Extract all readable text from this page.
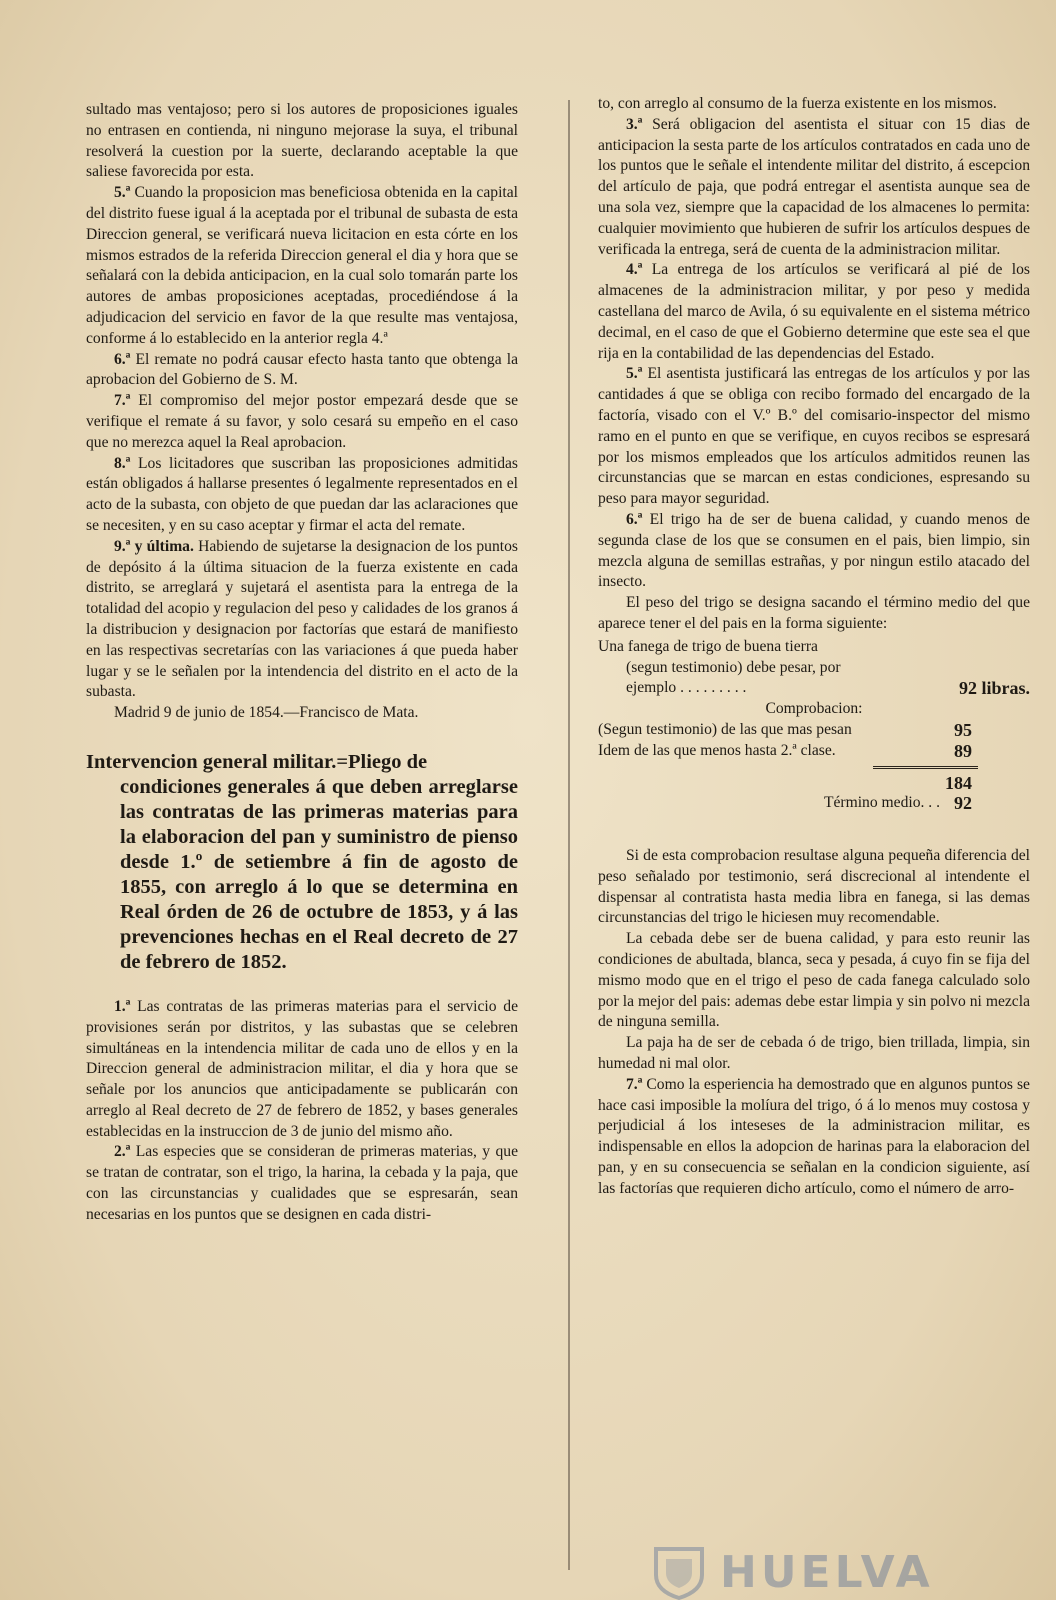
sultado mas ventajoso; pero si los autores de proposiciones iguales no entrasen en contienda, ni ninguno mejorase la suya, el tribunal resolverá la cuestion por la suerte, declarando aceptable la que saliese favorecida por esta.

5.ª Cuando la proposicion mas beneficiosa obtenida en la capital del distrito fuese igual á la aceptada por el tribunal de subasta de esta Direccion general, se verificará nueva licitacion en esta córte en los mismos estrados de la referida Direccion general el dia y hora que se señalará con la debida anticipacion, en la cual solo tomarán parte los autores de ambas proposiciones aceptadas, procediéndose á la adjudicacion del servicio en favor de la que resulte mas ventajosa, conforme á lo establecido en la anterior regla 4.ª

6.ª El remate no podrá causar efecto hasta tanto que obtenga la aprobacion del Gobierno de S. M.

7.ª El compromiso del mejor postor empezará desde que se verifique el remate á su favor, y solo cesará su empeño en el caso que no merezca aquel la Real aprobacion.

8.ª Los licitadores que suscriban las proposiciones admitidas están obligados á hallarse presentes ó legalmente representados en el acto de la subasta, con objeto de que puedan dar las aclaraciones que se necesiten, y en su caso aceptar y firmar el acta del remate.

9.ª y última. Habiendo de sujetarse la designacion de los puntos de depósito á la última situacion de la fuerza existente en cada distrito, se arreglará y sujetará el asentista para la entrega de la totalidad del acopio y regulacion del peso y calidades de los granos á la distribucion y designacion por factorías que estará de manifiesto en las respectivas secretarías con las variaciones á que pueda haber lugar y se le señalen por la intendencia del distrito en el acto de la subasta.

Madrid 9 de junio de 1854.—Francisco de Mata.

Intervencion general militar.=Pliego de
condiciones generales á que deben arreglarse las contratas de las primeras materias para la elaboracion del pan y suministro de pienso desde 1.º de setiembre á fin de agosto de 1855, con arreglo á lo que se determina en Real órden de 26 de octubre de 1853, y á las prevenciones hechas en el Real decreto de 27 de febrero de 1852.

1.ª Las contratas de las primeras materias para el servicio de provisiones serán por distritos, y las subastas que se celebren simultáneas en la intendencia militar de cada uno de ellos y en la Direccion general de administracion militar, el dia y hora que se señale por los anuncios que anticipadamente se publicarán con arreglo al Real decreto de 27 de febrero de 1852, y bases generales establecidas en la instruccion de 3 de junio del mismo año.

2.ª Las especies que se consideran de primeras materias, y que se tratan de contratar, son el trigo, la harina, la cebada y la paja, que con las circunstancias y cualidades que se espresarán, sean necesarias en los puntos que se designen en cada distri-

to, con arreglo al consumo de la fuerza existente en los mismos.

3.ª Será obligacion del asentista el situar con 15 dias de anticipacion la sesta parte de los artículos contratados en cada uno de los puntos que le señale el intendente militar del distrito, á escepcion del artículo de paja, que podrá entregar el asentista aunque sea de una sola vez, siempre que la capacidad de los almacenes lo permita: cualquier movimiento que hubieren de sufrir los artículos despues de verificada la entrega, será de cuenta de la administracion militar.

4.ª La entrega de los artículos se verificará al pié de los almacenes de la administracion militar, y por peso y medida castellana del marco de Avila, ó su equivalente en el sistema métrico decimal, en el caso de que el Gobierno determine que este sea el que rija en la contabilidad de las dependencias del Estado.

5.ª El asentista justificará las entregas de los artículos y por las cantidades á que se obliga con recibo formado del encargado de la factoría, visado con el V.º B.º del comisario-inspector del mismo ramo en el punto en que se verifique, en cuyos recibos se espresará por los mismos empleados que los artículos admitidos reunen las circunstancias que se marcan en estas condiciones, espresando su peso para mayor seguridad.

6.ª El trigo ha de ser de buena calidad, y cuando menos de segunda clase de los que se consumen en el pais, bien limpio, sin mezcla alguna de semillas estrañas, y por ningun estilo atacado del insecto.

El peso del trigo se designa sacando el término medio del que aparece tener el del pais en la forma siguiente:

Una fanega de trigo de buena tierra
(segun testimonio) debe pesar, por
ejemplo . . . . . . . . .	92 libras.
Comprobacion:
(Segun testimonio) de las que mas pesan	95
Idem de las que menos hasta 2.ª clase.	89
184
Término medio. . . 92

Si de esta comprobacion resultase alguna pequeña diferencia del peso señalado por testimonio, será discrecional al intendente el dispensar al contratista hasta media libra en fanega, si las demas circunstancias del trigo le hiciesen muy recomendable.

La cebada debe ser de buena calidad, y para esto reunir las condiciones de abultada, blanca, seca y pesada, á cuyo fin se fija del mismo modo que en el trigo el peso de cada fanega calculado solo por la mejor del pais: ademas debe estar limpia y sin polvo ni mezcla de ninguna semilla.

La paja ha de ser de cebada ó de trigo, bien trillada, limpia, sin humedad ni mal olor.

7.ª Como la esperiencia ha demostrado que en algunos puntos se hace casi imposible la molíura del trigo, ó á lo menos muy costosa y perjudicial á los inteseses de la administracion militar, es indispensable en ellos la adopcion de harinas para la elaboracion del pan, y en su consecuencia se señalan en la condicion siguiente, así las factorías que requieren dicho artículo, como el número de arro-

HUELVA
